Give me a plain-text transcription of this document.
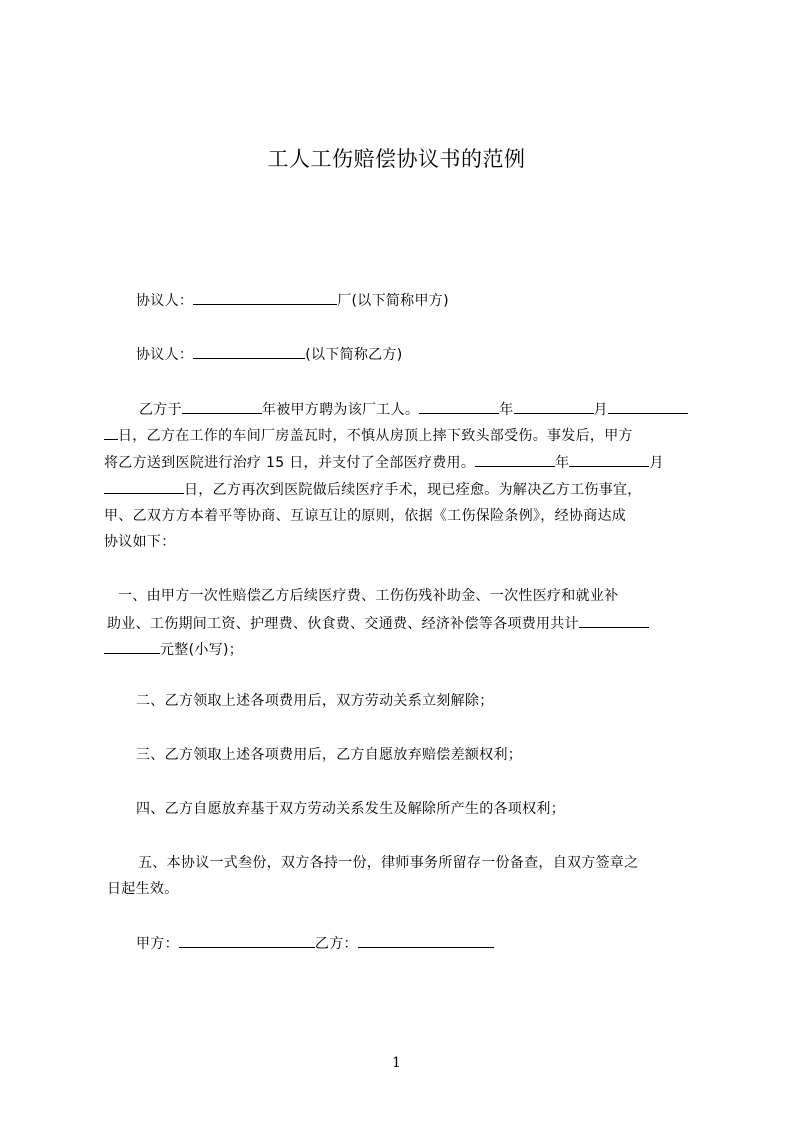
工人工伤赔偿协议书的范例
协议人：	厂(以下简称甲方)
协议人：	(以下简称乙方)
乙方于	年被甲方聘为该厂工人。	年	月
日，乙方在工作的车间厂房盖瓦时，不慎从房顶上摔下致头部受伤。事发后，甲方
将乙方送到医院进行治疗 15 日，并支付了全部医疗费用。	年	月
日，乙方再次到医院做后续医疗手术，现已痊愈。为解决乙方工伤事宜，
甲、乙双方方本着平等协商、互谅互让的原则，依据《工伤保险条例》，经协商达成
协议如下：
一、由甲方一次性赔偿乙方后续医疗费、工伤伤残补助金、一次性医疗和就业补
助业、工伤期间工资、护理费、伙食费、交通费、经济补偿等各项费用共计
元整(小写)；
二、乙方领取上述各项费用后，双方劳动关系立刻解除；
三、乙方领取上述各项费用后，乙方自愿放弃赔偿差额权利；
四、乙方自愿放弃基于双方劳动关系发生及解除所产生的各项权利；
五、本协议一式叁份，双方各持一份，律师事务所留存一份备查，自双方签章之
日起生效。
甲方：	乙方：
1
